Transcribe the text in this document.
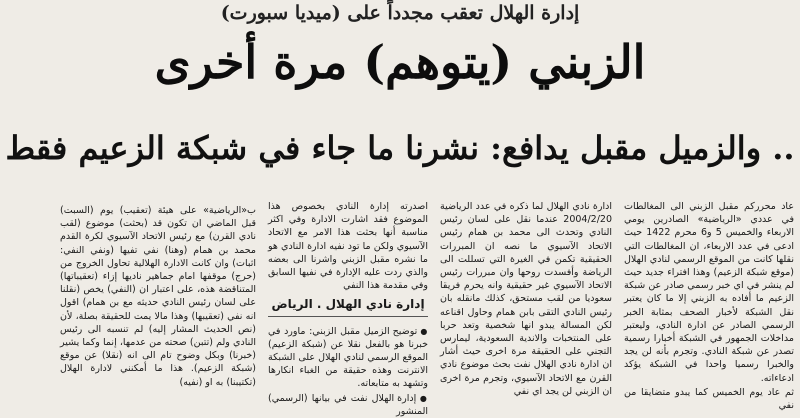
إدارة الهلال تعقب مجدداً على (ميديا سبورت)
الزبني (يتوهم) مرة أخرى
.. والزميل مقبل يدافع: نشرنا ما جاء في شبكة الزعيم فقط

عاد محررکم مقبل الزبني الى المغالطات في عددي «الرياضية» الصادرين يومي الاربعاء والخميس 5 و6 محرم 1422 حيث ادعى في عدد الاربعاء، ان المغالطات التي نقلها كانت من الموقع الرسمي لنادي الهلال (موقع شبكة الزعيم) وهذا افتراء جديد حيث لم ينشر في اي خبر رسمي صادر عن شبكة الزعيم ما أفاده به الزبني إلا ما كان يعتبر نقل الشبكة لأخبار الصحف بمثابة الخبر الرسمي الصادر عن ادارة النادي، وليعتبر مداخلات الجمهور في الشبكة أخبارا رسمية تصدر عن شبكة النادي. وتجرم بأنه لن يجد والخبرا رسميا واحدا في الشبكة يؤكد ادعاءاته.

ثم عاد يوم الخميس كما يبدو متضايقا من نفي

ادارة نادي الهلال لما ذكره في عدد الرياضية 2004/2/20 عندما نقل على لسان رئيس النادي وتحدث الى محمد بن همام رئيس الاتحاد الآسيوي ما نصه ان المبررات الحقيقية تكمن في الغيرة التي تسللت الى الرياضة وأفسدت روحها وان مبررات رئيس الاتحاد الآسيوي غير حقيقية وانه يحرم فريقا سعوديا من لقب مستحق، كذلك مانقله بان رئيس النادي التقى بابن همام وحاول اقناعه لكن المسالة يبدو انها شخصية وتعد حربا على المنتخبات والاندية السعودية، ليمارس التجني على الحقيقة مرة اخرى حيث أشار ان ادارة نادي الهلال نفت بحث موضوع نادي القرن مع الاتحاد الآسيوي، وتجرم مرة اخرى ان الزبني لن يجد اي نفي

اصدرته إدارة النادي بخصوص هذا الموضوع فقد اشارت الادارة وفي اكثر مناسبة أنها بحثت هذا الامر مع الاتحاد الآسيوي ولكن ما تود نفيه ادارة النادي هو ما نشره مقبل الزبني واشرنا الى بعضه والذي ردت عليه الإدارة في نفيها السابق وفي مقدمة هذا النفي

إدارة نادي الهلال . الرياض

● توضيح الزميل مقبل الزبني: ماورد في خبرنا هو بالفعل نقلا عن (شبكة الزعيم) الموقع الرسمي لنادي الهلال على الشبكة الانترنت وهذه حقيقة من الغباء انكارها وتشهد به متابعاته.

● إدارة الهلال نفت في بيانها (الرسمي) المنشور

ب«الرياضية» على هيئة (تعقيب) يوم (السبت) قبل الماضي ان تكون قد (بحثت) موضوع (لقب نادي القرن) مع رئيس الاتحاد الآسيوي لكرة القدم محمد بن همام (وهنا) نفي تفيها (ونفي النفي: اثبات) وان كانت الادارة الهلالية تحاول الخروج من (حرج) موقفها امام جماهير ناديها إزاء (تعقيباتها) المتناقضة هذه، على اعتبار ان (النفي) يخص (نقلنا على لسان رئيس النادي حديثه مع بن همام) اقول انه نفي (تعقيبها) وهذا مالا يمت للحقيقة بصلة، لأن (نص الحديث المشار إليه) لم تنسبه الى رئيس النادي ولم (تتبن) صحته من عدمها، إنما وكما يشير (خبرنا) وبكل وضوح تام الى انه (نقلا) عن موقع (شبكة الزعيم). هذا ما أمكنني لادارة الهلال (تكتيبنا) به او (نفيه)
